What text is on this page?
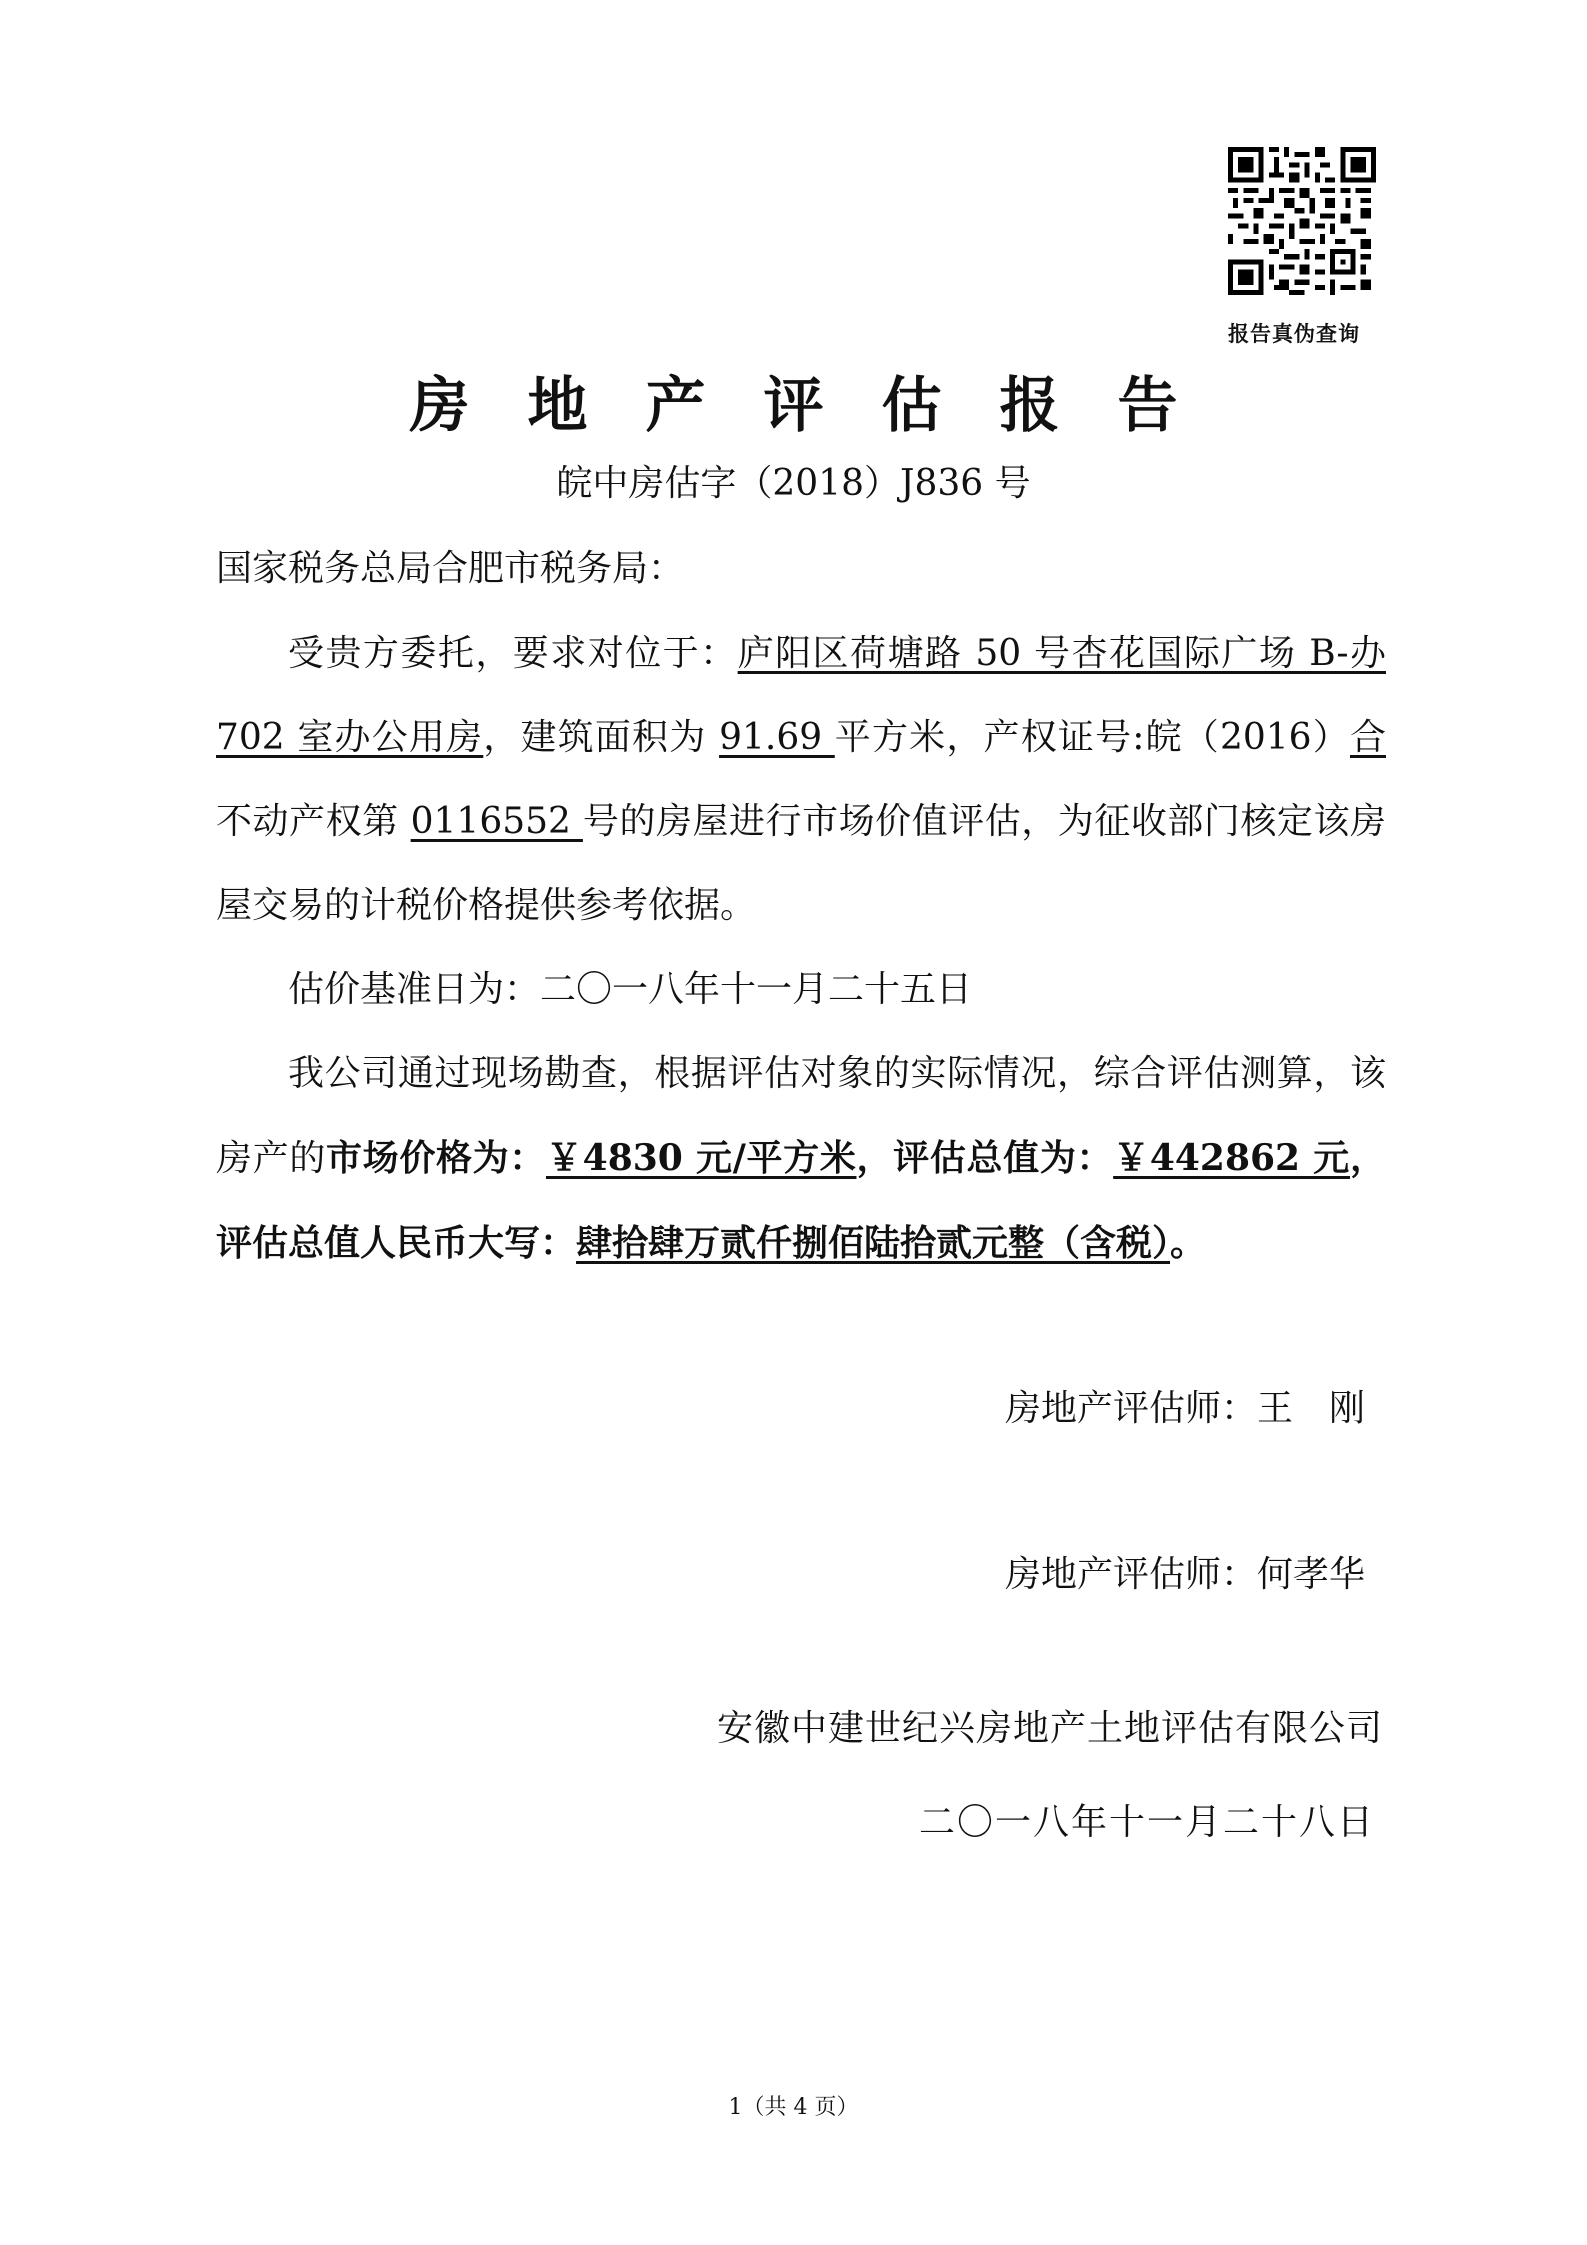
报告真伪查询
房地产评估报告
皖中房估字（2018）J836 号
国家税务总局合肥市税务局：

受贵方委托，要求对位于：庐阳区荷塘路 50 号杏花国际广场 B-办 702 室办公用房，建筑面积为 91.69 平方米，产权证号:皖（2016）合不动产权第 0116552 号的房屋进行市场价值评估，为征收部门核定该房屋交易的计税价格提供参考依据。

估价基准日为：二〇一八年十一月二十五日

我公司通过现场勘查，根据评估对象的实际情况，综合评估测算，该房产的市场价格为：￥4830 元/平方米，评估总值为：￥442862 元，评估总值人民币大写：肆拾肆万贰仟捌佰陆拾贰元整（含税）。

房地产评估师：王　刚
房地产评估师：何孝华
安徽中建世纪兴房地产土地评估有限公司
二〇一八年十一月二十八日
1（共 4 页）
